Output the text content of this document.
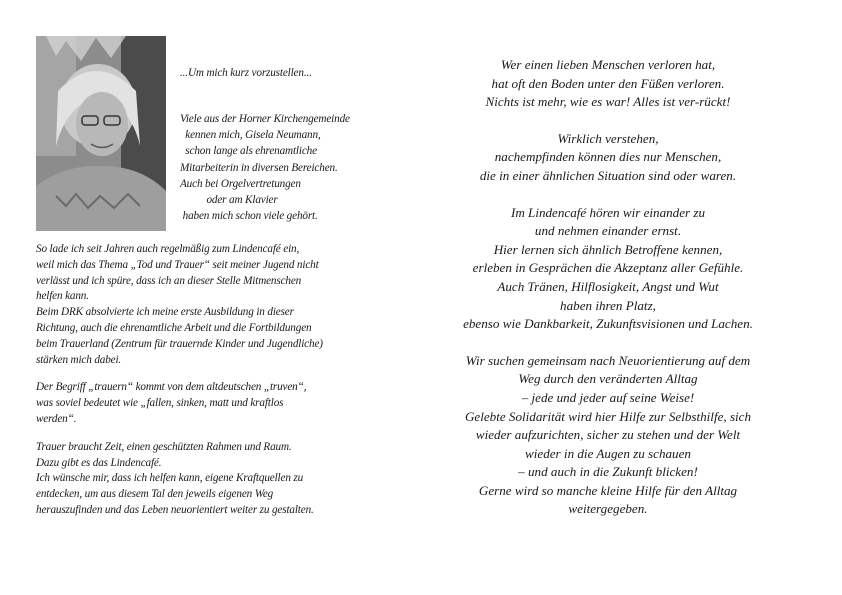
...Um mich kurz vorzustellen...
Viele aus der Horner Kirchengemeinde
kennen mich, Gisela Neumann,
schon lange als ehrenamtliche
Mitarbeiterin in diversen Bereichen.
Auch bei Orgelvertretungen
oder am Klavier
haben mich schon viele gehört.
So lade ich seit Jahren auch regelmäßig zum Lindencafé ein,
weil mich das Thema „Tod und Trauer“ seit meiner Jugend nicht
verlässt und ich spüre, dass ich an dieser Stelle Mitmenschen
helfen kann.
Beim DRK absolvierte ich meine erste Ausbildung in dieser
Richtung, auch die ehrenamtliche Arbeit und die Fortbildungen
beim Trauerland (Zentrum für trauernde Kinder und Jugendliche)
stärken mich dabei.
Der Begriff „trauern“ kommt von dem altdeutschen „truven“,
was soviel bedeutet wie „fallen, sinken, matt und kraftlos
werden“.
Trauer braucht Zeit, einen geschützten Rahmen und Raum.
Dazu gibt es das Lindencafé.
Ich wünsche mir, dass ich helfen kann, eigene Kraftquellen zu
entdecken, um aus diesem Tal den jeweils eigenen Weg
herauszufinden und das Leben neuorientiert weiter zu gestalten.
Wer einen lieben Menschen verloren hat,
hat oft den Boden unter den Füßen verloren.
Nichts ist mehr, wie es war! Alles ist ver-rückt!
Wirklich verstehen,
nachempfinden können dies nur Menschen,
die in einer ähnlichen Situation sind oder waren.
Im Lindencafé hören wir einander zu
und nehmen einander ernst.
Hier lernen sich ähnlich Betroffene kennen,
erleben in Gesprächen die Akzeptanz aller Gefühle.
Auch Tränen, Hilflosigkeit, Angst und Wut
haben ihren Platz,
ebenso wie Dankbarkeit, Zukunftsvisionen und Lachen.
Wir suchen gemeinsam nach Neuorientierung auf dem
Weg durch den veränderten Alltag
– jede und jeder auf seine Weise!
Gelebte Solidarität wird hier Hilfe zur Selbsthilfe, sich
wieder aufzurichten, sicher zu stehen und der Welt
wieder in die Augen zu schauen
– und auch in die Zukunft blicken!
Gerne wird so manche kleine Hilfe für den Alltag
weitergegeben.
